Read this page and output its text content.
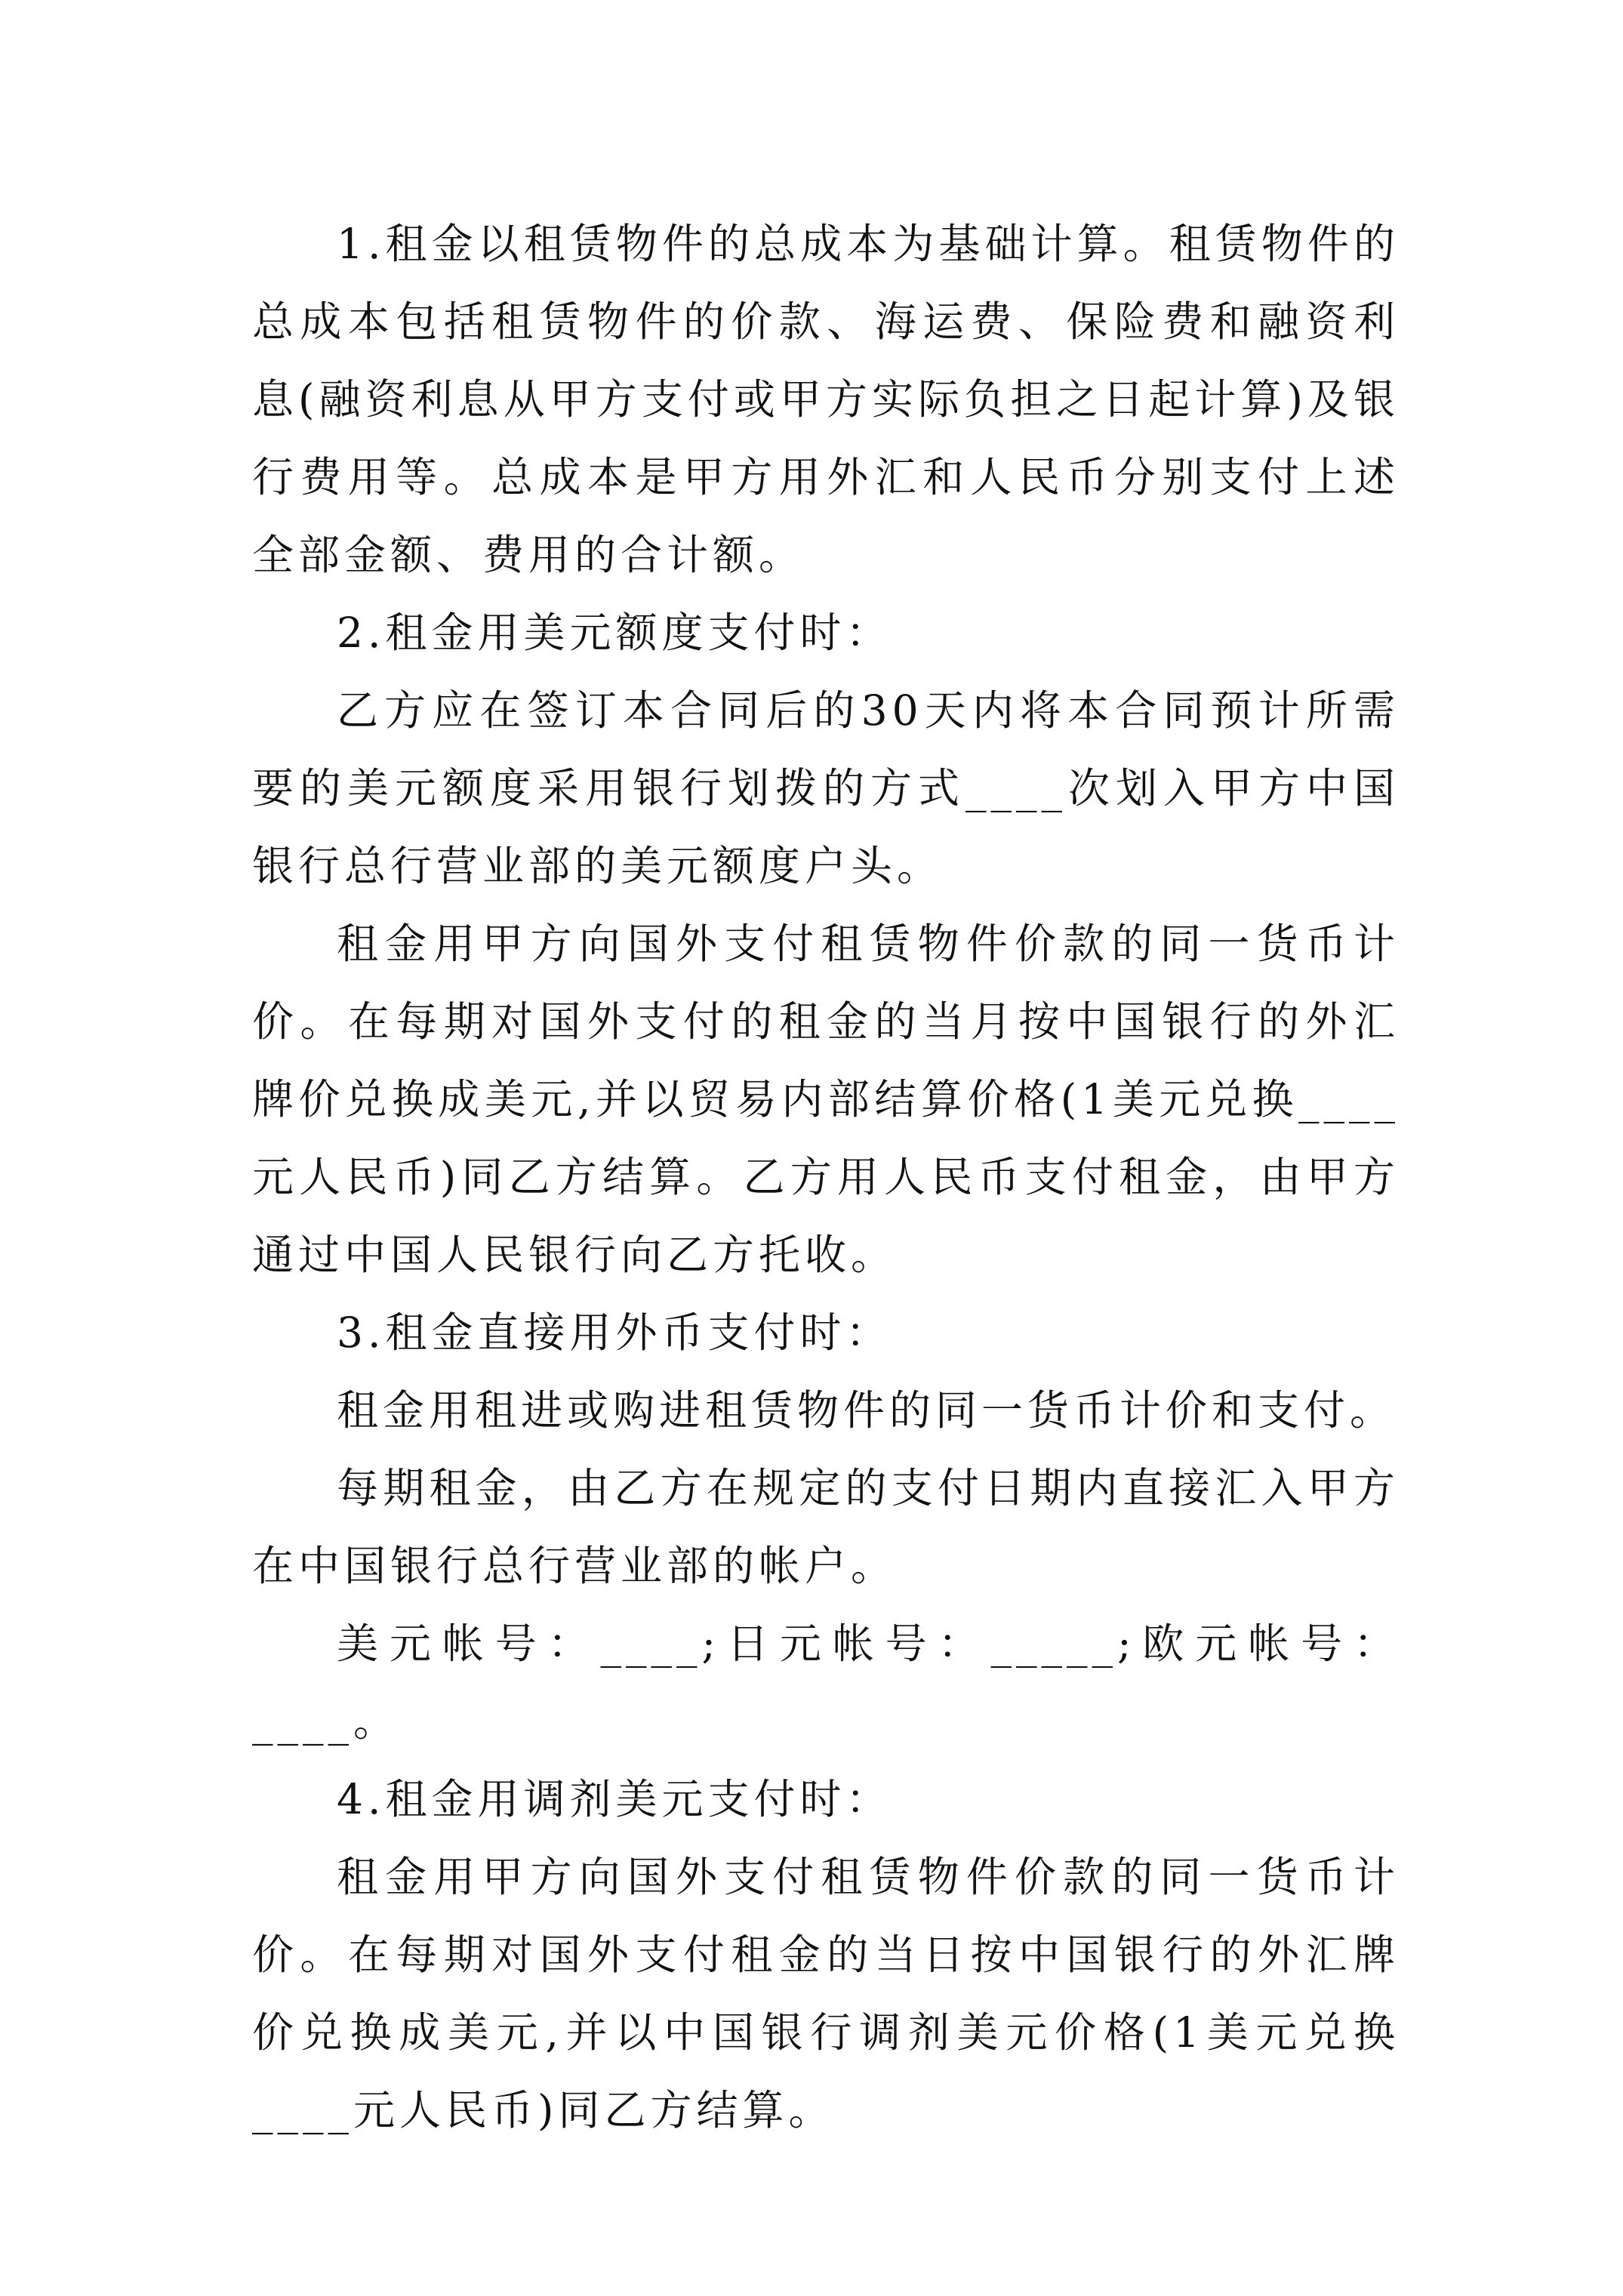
1.租金以租赁物件的总成本为基础计算。租赁物件的总成本包括租赁物件的价款、海运费、保险费和融资利息(融资利息从甲方支付或甲方实际负担之日起计算)及银行费用等。总成本是甲方用外汇和人民币分别支付上述全部金额、费用的合计额。

2.租金用美元额度支付时：

乙方应在签订本合同后的30天内将本合同预计所需要的美元额度采用银行划拨的方式____次划入甲方中国银行总行营业部的美元额度户头。

租金用甲方向国外支付租赁物件价款的同一货币计价。在每期对国外支付的租金的当月按中国银行的外汇牌价兑换成美元,并以贸易内部结算价格(1美元兑换____元人民币)同乙方结算。乙方用人民币支付租金，由甲方通过中国人民银行向乙方托收。

3.租金直接用外币支付时：

租金用租进或购进租赁物件的同一货币计价和支付。

每期租金，由乙方在规定的支付日期内直接汇入甲方在中国银行总行营业部的帐户。

美元帐号：____;日元帐号：_____;欧元帐号：____。

4.租金用调剂美元支付时：

租金用甲方向国外支付租赁物件价款的同一货币计价。在每期对国外支付租金的当日按中国银行的外汇牌价兑换成美元,并以中国银行调剂美元价格(1美元兑换____元人民币)同乙方结算。
